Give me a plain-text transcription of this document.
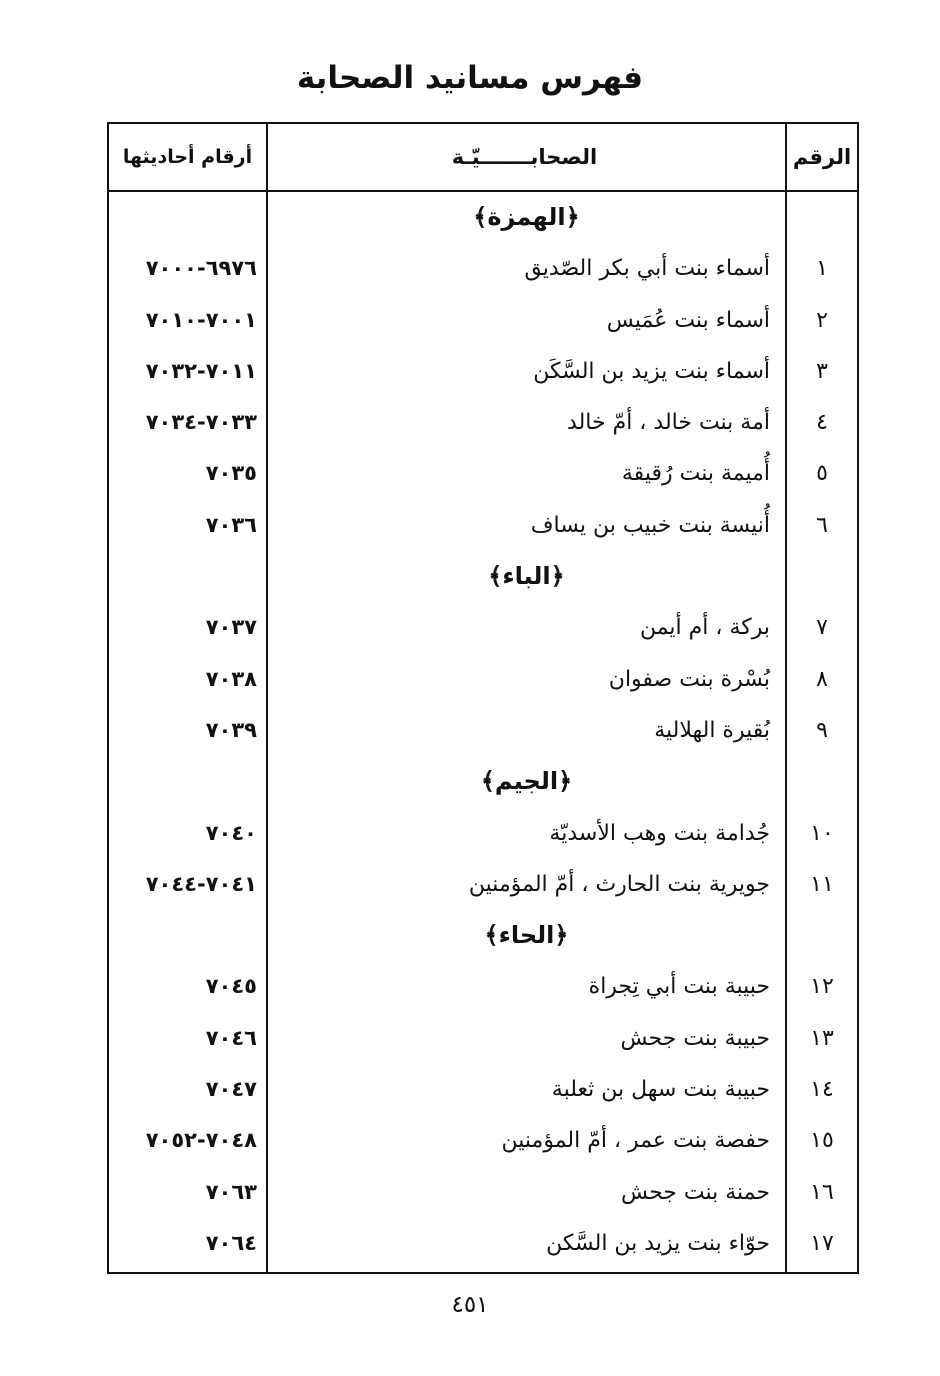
فهرس مسانيد الصحابة
الرقم
الصحابـــــــيّـة
أرقام أحاديثها
﴿الهمزة﴾
١
أسماء بنت أبي بكر الصّديق
٦٩٧٦-٧٠٠٠
٢
أسماء بنت عُمَيس
٧٠٠١-٧٠١٠
٣
أسماء بنت يزيد بن السَّكَن
٧٠١١-٧٠٣٢
٤
أمة بنت خالد ، أمّ خالد
٧٠٣٣-٧٠٣٤
٥
أُميمة بنت رُقيقة
٧٠٣٥
٦
أُنيسة بنت خبيب بن يساف
٧٠٣٦
﴿الباء﴾
٧
بركة ، أم أيمن
٧٠٣٧
٨
بُسْرة بنت صفوان
٧٠٣٨
٩
بُقيرة الهلالية
٧٠٣٩
﴿الجيم﴾
١٠
جُدامة بنت وهب الأسديّة
٧٠٤٠
١١
جويرية بنت الحارث ، أمّ المؤمنين
٧٠٤١-٧٠٤٤
﴿الحاء﴾
١٢
حبيبة بنت أبي تِجراة
٧٠٤٥
١٣
حبيبة بنت جحش
٧٠٤٦
١٤
حبيبة بنت سهل بن ثعلبة
٧٠٤٧
١٥
حفصة بنت عمر ، أمّ المؤمنين
٧٠٤٨-٧٠٥٢
١٦
حمنة بنت جحش
٧٠٦٣
١٧
حوّاء بنت يزيد بن السَّكن
٧٠٦٤
٤٥١
